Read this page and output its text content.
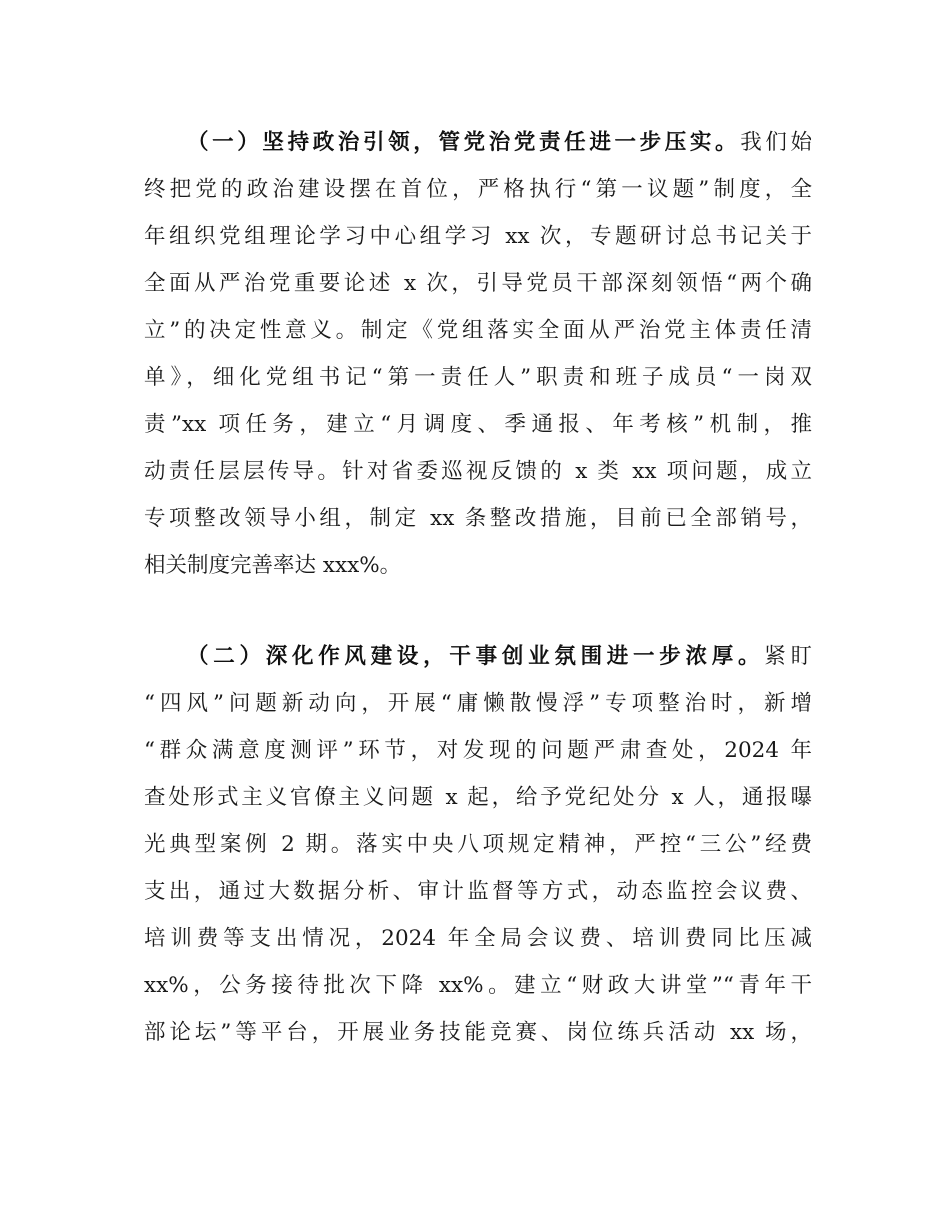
（一）坚持政治引领，管党治党责任进一步压实。我们始
终把党的政治建设摆在首位，严格执行“第一议题”制度，全
年组织党组理论学习中心组学习 xx 次，专题研讨总书记关于
全面从严治党重要论述 x 次，引导党员干部深刻领悟“两个确
立”的决定性意义。制定《党组落实全面从严治党主体责任清
单》，细化党组书记“第一责任人”职责和班子成员“一岗双
责”xx 项任务，建立“月调度、季通报、年考核”机制，推
动责任层层传导。针对省委巡视反馈的 x 类 xx 项问题，成立
专项整改领导小组，制定 xx 条整改措施，目前已全部销号，
相关制度完善率达 xxx%。
（二）深化作风建设，干事创业氛围进一步浓厚。紧盯
“四风”问题新动向，开展“庸懒散慢浮”专项整治时，新增
“群众满意度测评”环节，对发现的问题严肃查处，2024 年
查处形式主义官僚主义问题 x 起，给予党纪处分 x 人，通报曝
光典型案例 2 期。落实中央八项规定精神，严控“三公”经费
支出，通过大数据分析、审计监督等方式，动态监控会议费、
培训费等支出情况，2024 年全局会议费、培训费同比压减
xx%，公务接待批次下降 xx%。建立“财政大讲堂”“青年干
部论坛”等平台，开展业务技能竞赛、岗位练兵活动 xx 场，
